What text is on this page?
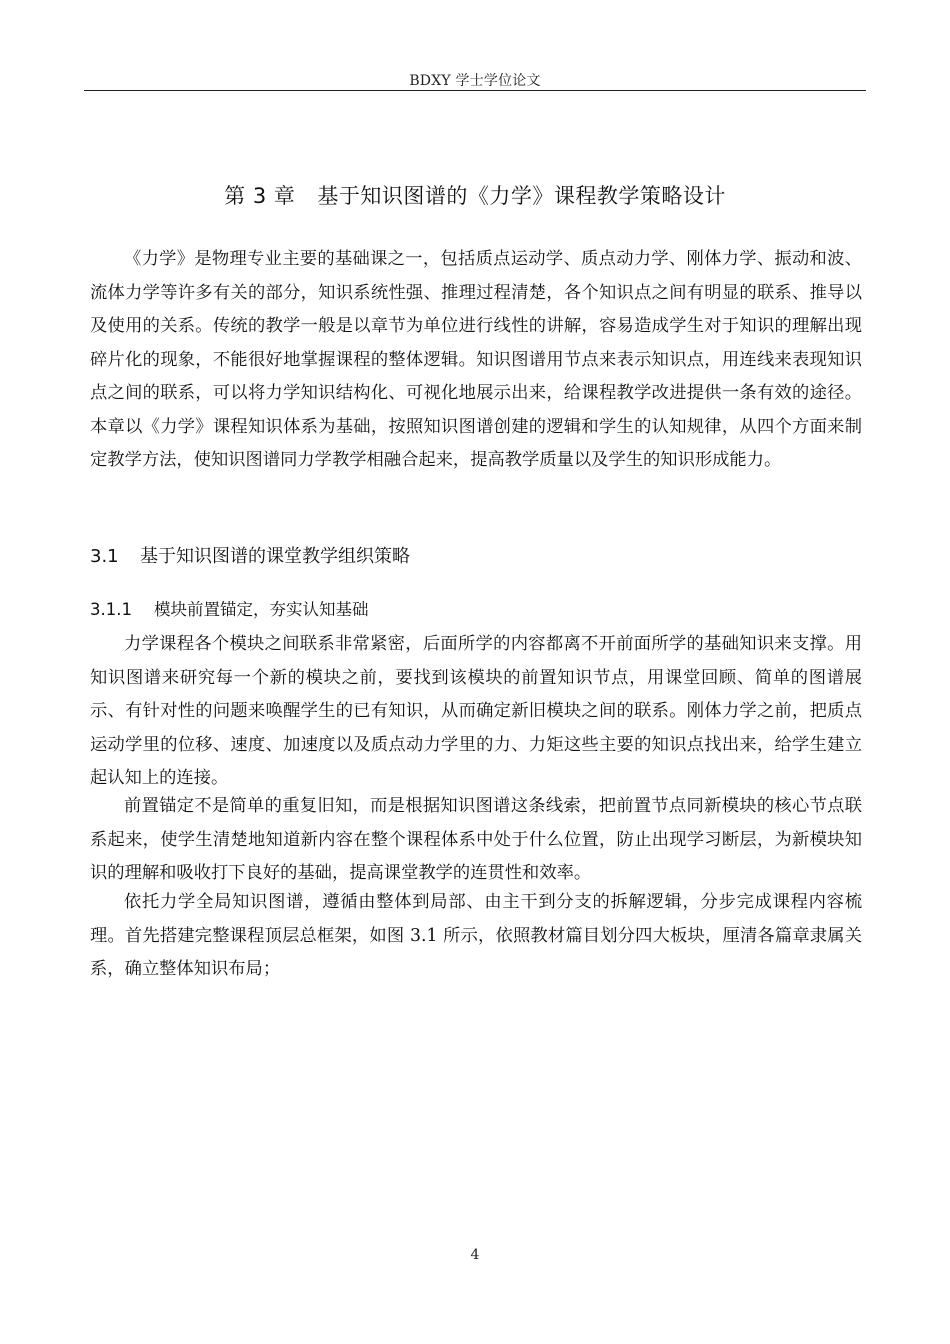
BDXY 学士学位论文
第 3 章 基于知识图谱的《力学》课程教学策略设计

《力学》是物理专业主要的基础课之一，包括质点运动学、质点动力学、刚体力学、振动和波、流体力学等许多有关的部分，知识系统性强、推理过程清楚，各个知识点之间有明显的联系、推导以及使用的关系。传统的教学一般是以章节为单位进行线性的讲解，容易造成学生对于知识的理解出现碎片化的现象，不能很好地掌握课程的整体逻辑。知识图谱用节点来表示知识点，用连线来表现知识点之间的联系，可以将力学知识结构化、可视化地展示出来，给课程教学改进提供一条有效的途径。本章以《力学》课程知识体系为基础，按照知识图谱创建的逻辑和学生的认知规律，从四个方面来制定教学方法，使知识图谱同力学教学相融合起来，提高教学质量以及学生的知识形成能力。

3.1 基于知识图谱的课堂教学组织策略
3.1.1 模块前置锚定，夯实认知基础

力学课程各个模块之间联系非常紧密，后面所学的内容都离不开前面所学的基础知识来支撑。用知识图谱来研究每一个新的模块之前，要找到该模块的前置知识节点，用课堂回顾、简单的图谱展示、有针对性的问题来唤醒学生的已有知识，从而确定新旧模块之间的联系。刚体力学之前，把质点运动学里的位移、速度、加速度以及质点动力学里的力、力矩这些主要的知识点找出来，给学生建立起认知上的连接。

前置锚定不是简单的重复旧知，而是根据知识图谱这条线索，把前置节点同新模块的核心节点联系起来，使学生清楚地知道新内容在整个课程体系中处于什么位置，防止出现学习断层，为新模块知识的理解和吸收打下良好的基础，提高课堂教学的连贯性和效率。

依托力学全局知识图谱，遵循由整体到局部、由主干到分支的拆解逻辑，分步完成课程内容梳理。首先搭建完整课程顶层总框架，如图 3.1 所示，依照教材篇目划分四大板块，厘清各篇章隶属关系，确立整体知识布局；

4
